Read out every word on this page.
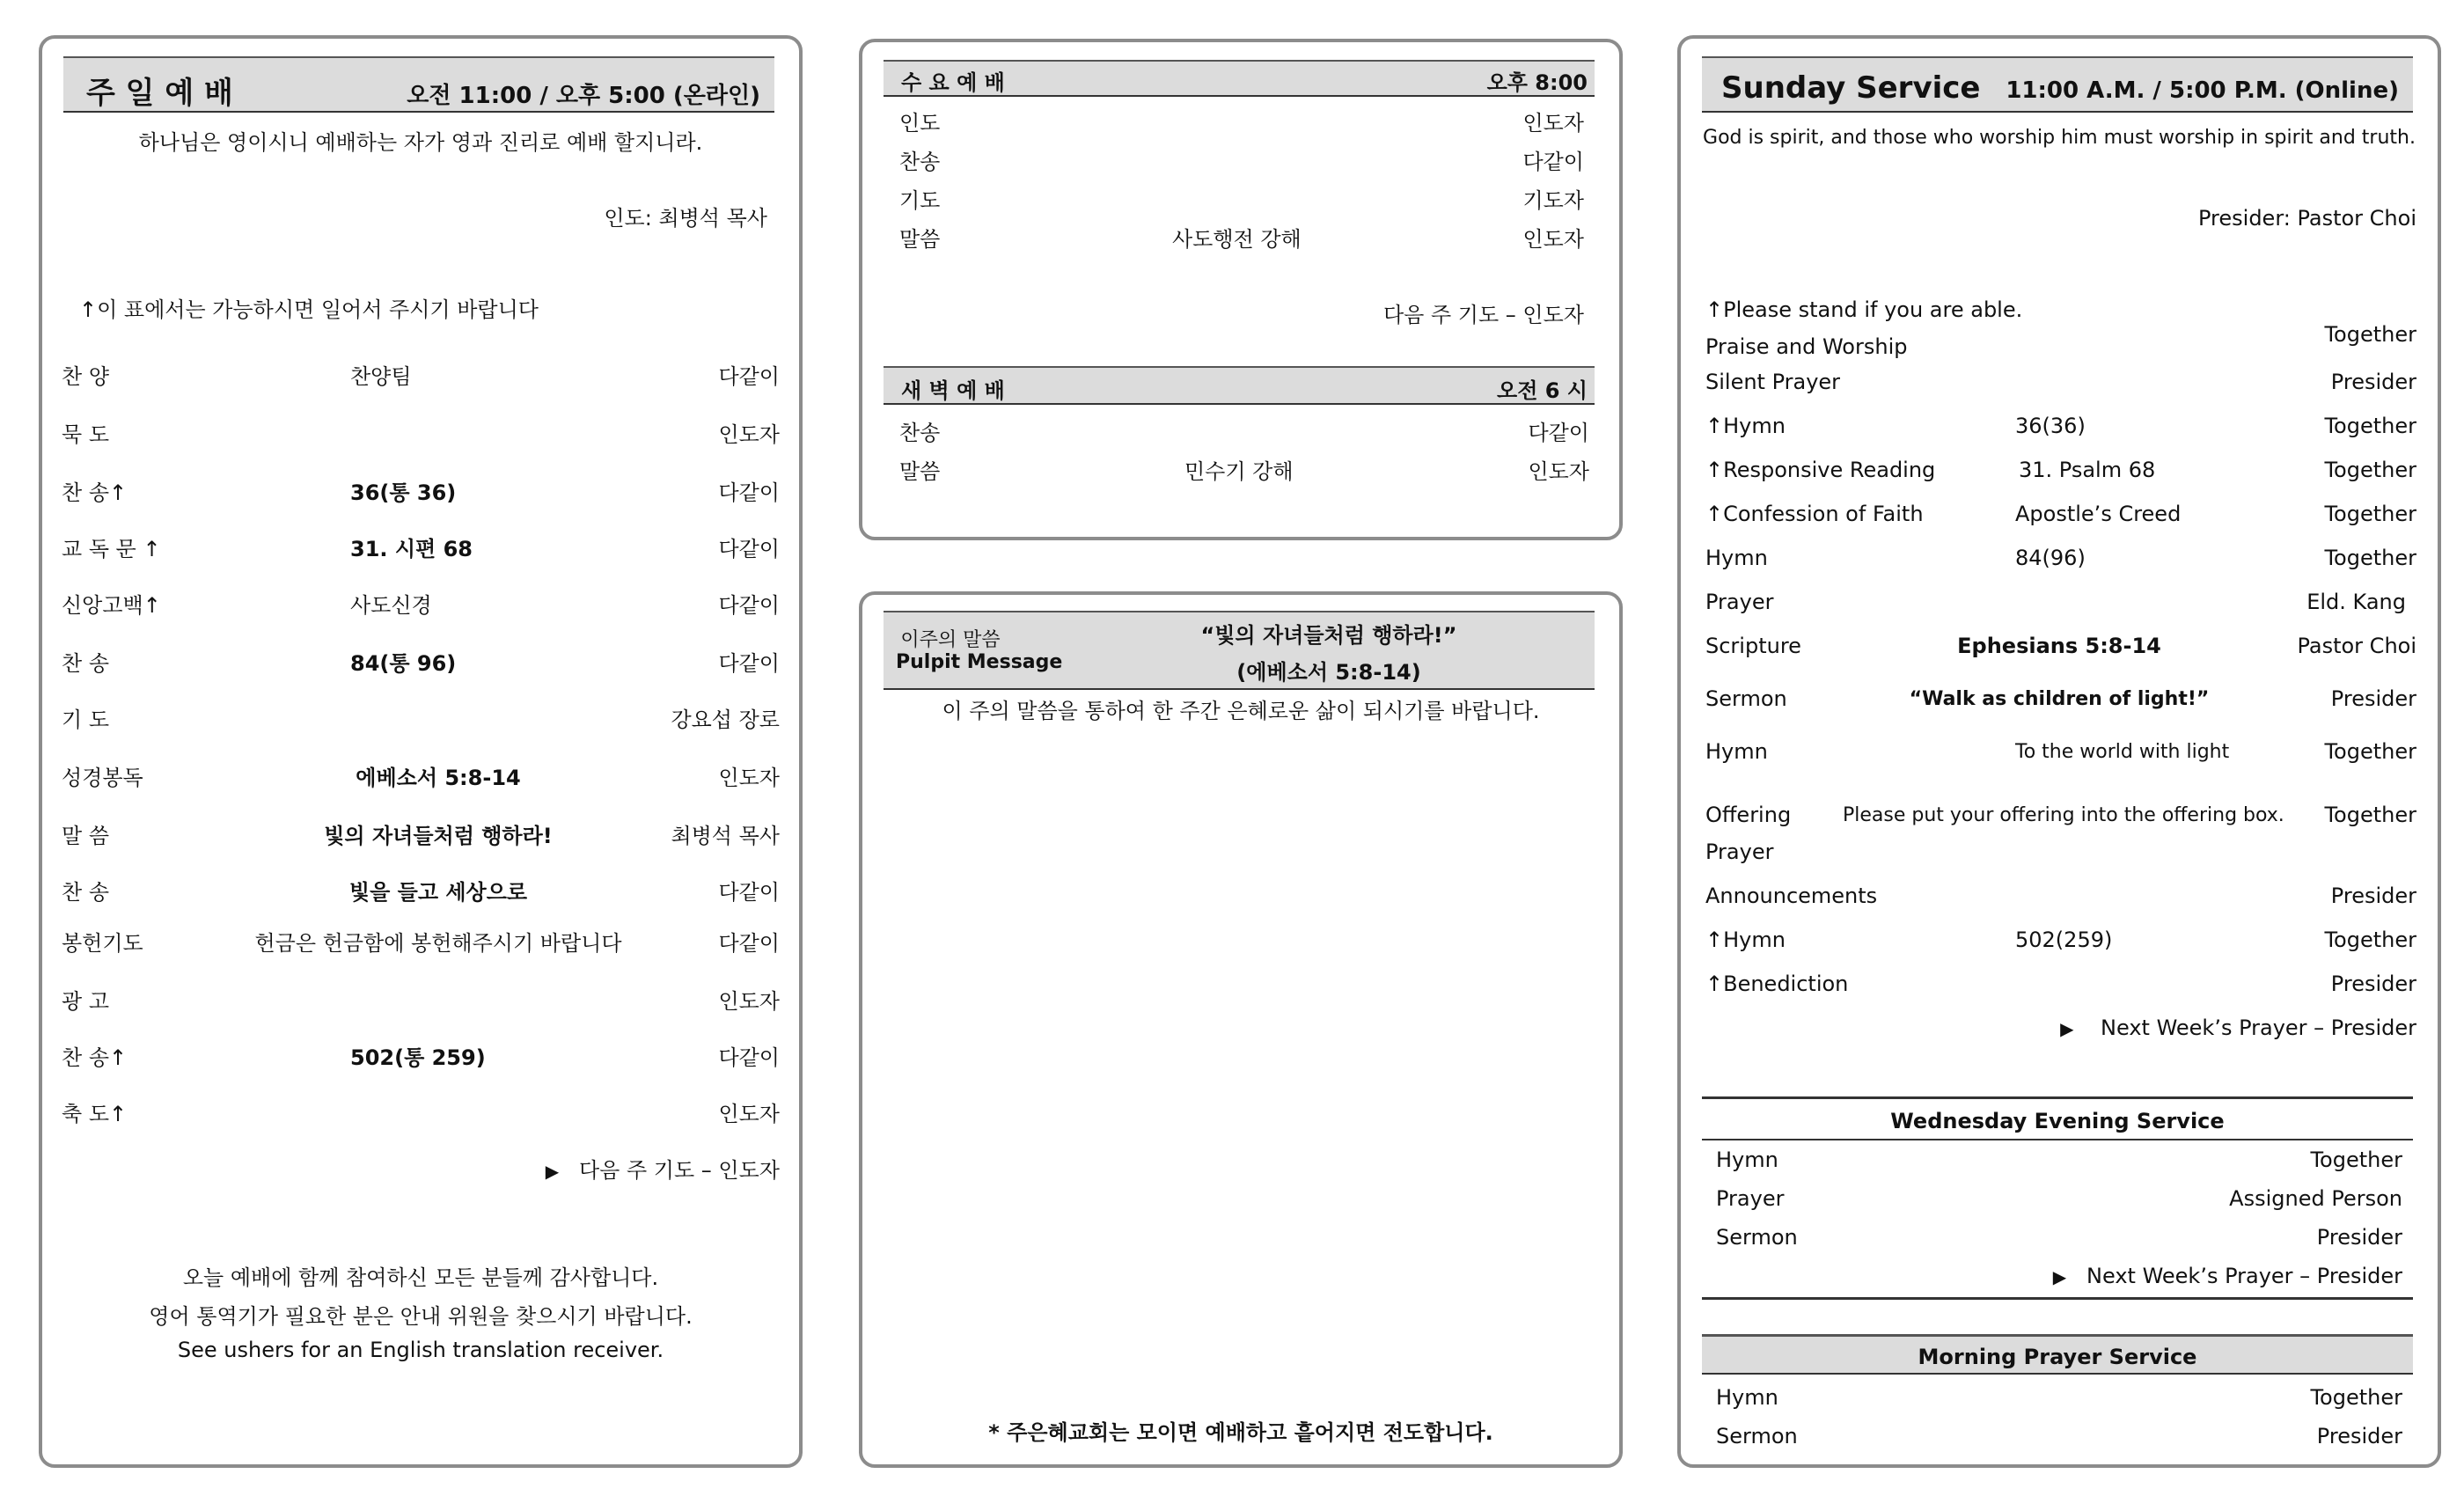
주 일 예 배	오전 11:00 / 오후 5:00 (온라인)
하나님은 영이시니 예배하는 자가 영과 진리로 예배 할지니라.
인도: 최병석 목사
↑이 표에서는 가능하시면 일어서 주시기 바랍니다
찬 양	찬양팀	다같이
묵 도	인도자
찬 송↑	36(통 36)	다같이
교 독 문 ↑	31. 시편 68	다같이
신앙고백↑	사도신경	다같이
찬 송	84(통 96)	다같이
기 도	강요섭 장로
성경봉독	에베소서 5:8-14	인도자
말 씀	빛의 자녀들처럼 행하라!	최병석 목사
찬 송	빛을 들고 세상으로	다같이
봉헌기도	헌금은 헌금함에 봉헌해주시기 바랍니다	다같이
광 고	인도자
찬 송↑	502(통 259)	다같이
축 도↑	인도자
▶ 다음 주 기도 – 인도자
오늘 예배에 함께 참여하신 모든 분들께 감사합니다.
영어 통역기가 필요한 분은 안내 위원을 찾으시기 바랍니다.
See ushers for an English translation receiver.
수 요 예 배	오후 8:00
인도	인도자
찬송	다같이
기도	기도자
말씀	사도행전 강해	인도자
다음 주 기도 – 인도자
새 벽 예 배	오전 6 시
찬송	다같이
말씀	민수기 강해	인도자
이주의 말씀
Pulpit Message
“빛의 자녀들처럼 행하라!”
(에베소서 5:8-14)
이 주의 말씀을 통하여 한 주간 은혜로운 삶이 되시기를 바랍니다.
* 주은혜교회는 모이면 예배하고 흩어지면 전도합니다.
Sunday Service 11:00 A.M. / 5:00 P.M. (Online)
God is spirit, and those who worship him must worship in spirit and truth.
Presider: Pastor Choi
↑Please stand if you are able.
Praise and Worship	Together
Silent Prayer	Presider
↑Hymn	36(36)	Together
↑Responsive Reading	31. Psalm 68	Together
↑Confession of Faith	Apostle’s Creed	Together
Hymn	84(96)	Together
Prayer	Eld. Kang
Scripture	Ephesians 5:8-14	Pastor Choi
Sermon	“Walk as children of light!”	Presider
Hymn	To the world with light	Together
Offering	Please put your offering into the offering box. Together
Prayer
Announcements	Presider
↑Hymn	502(259)	Together
↑Benediction	Presider
▶ Next Week’s Prayer – Presider
Wednesday Evening Service
Hymn	Together
Prayer	Assigned Person
Sermon	Presider
▶ Next Week’s Prayer – Presider
Morning Prayer Service
Hymn	Together
Sermon	Presider
